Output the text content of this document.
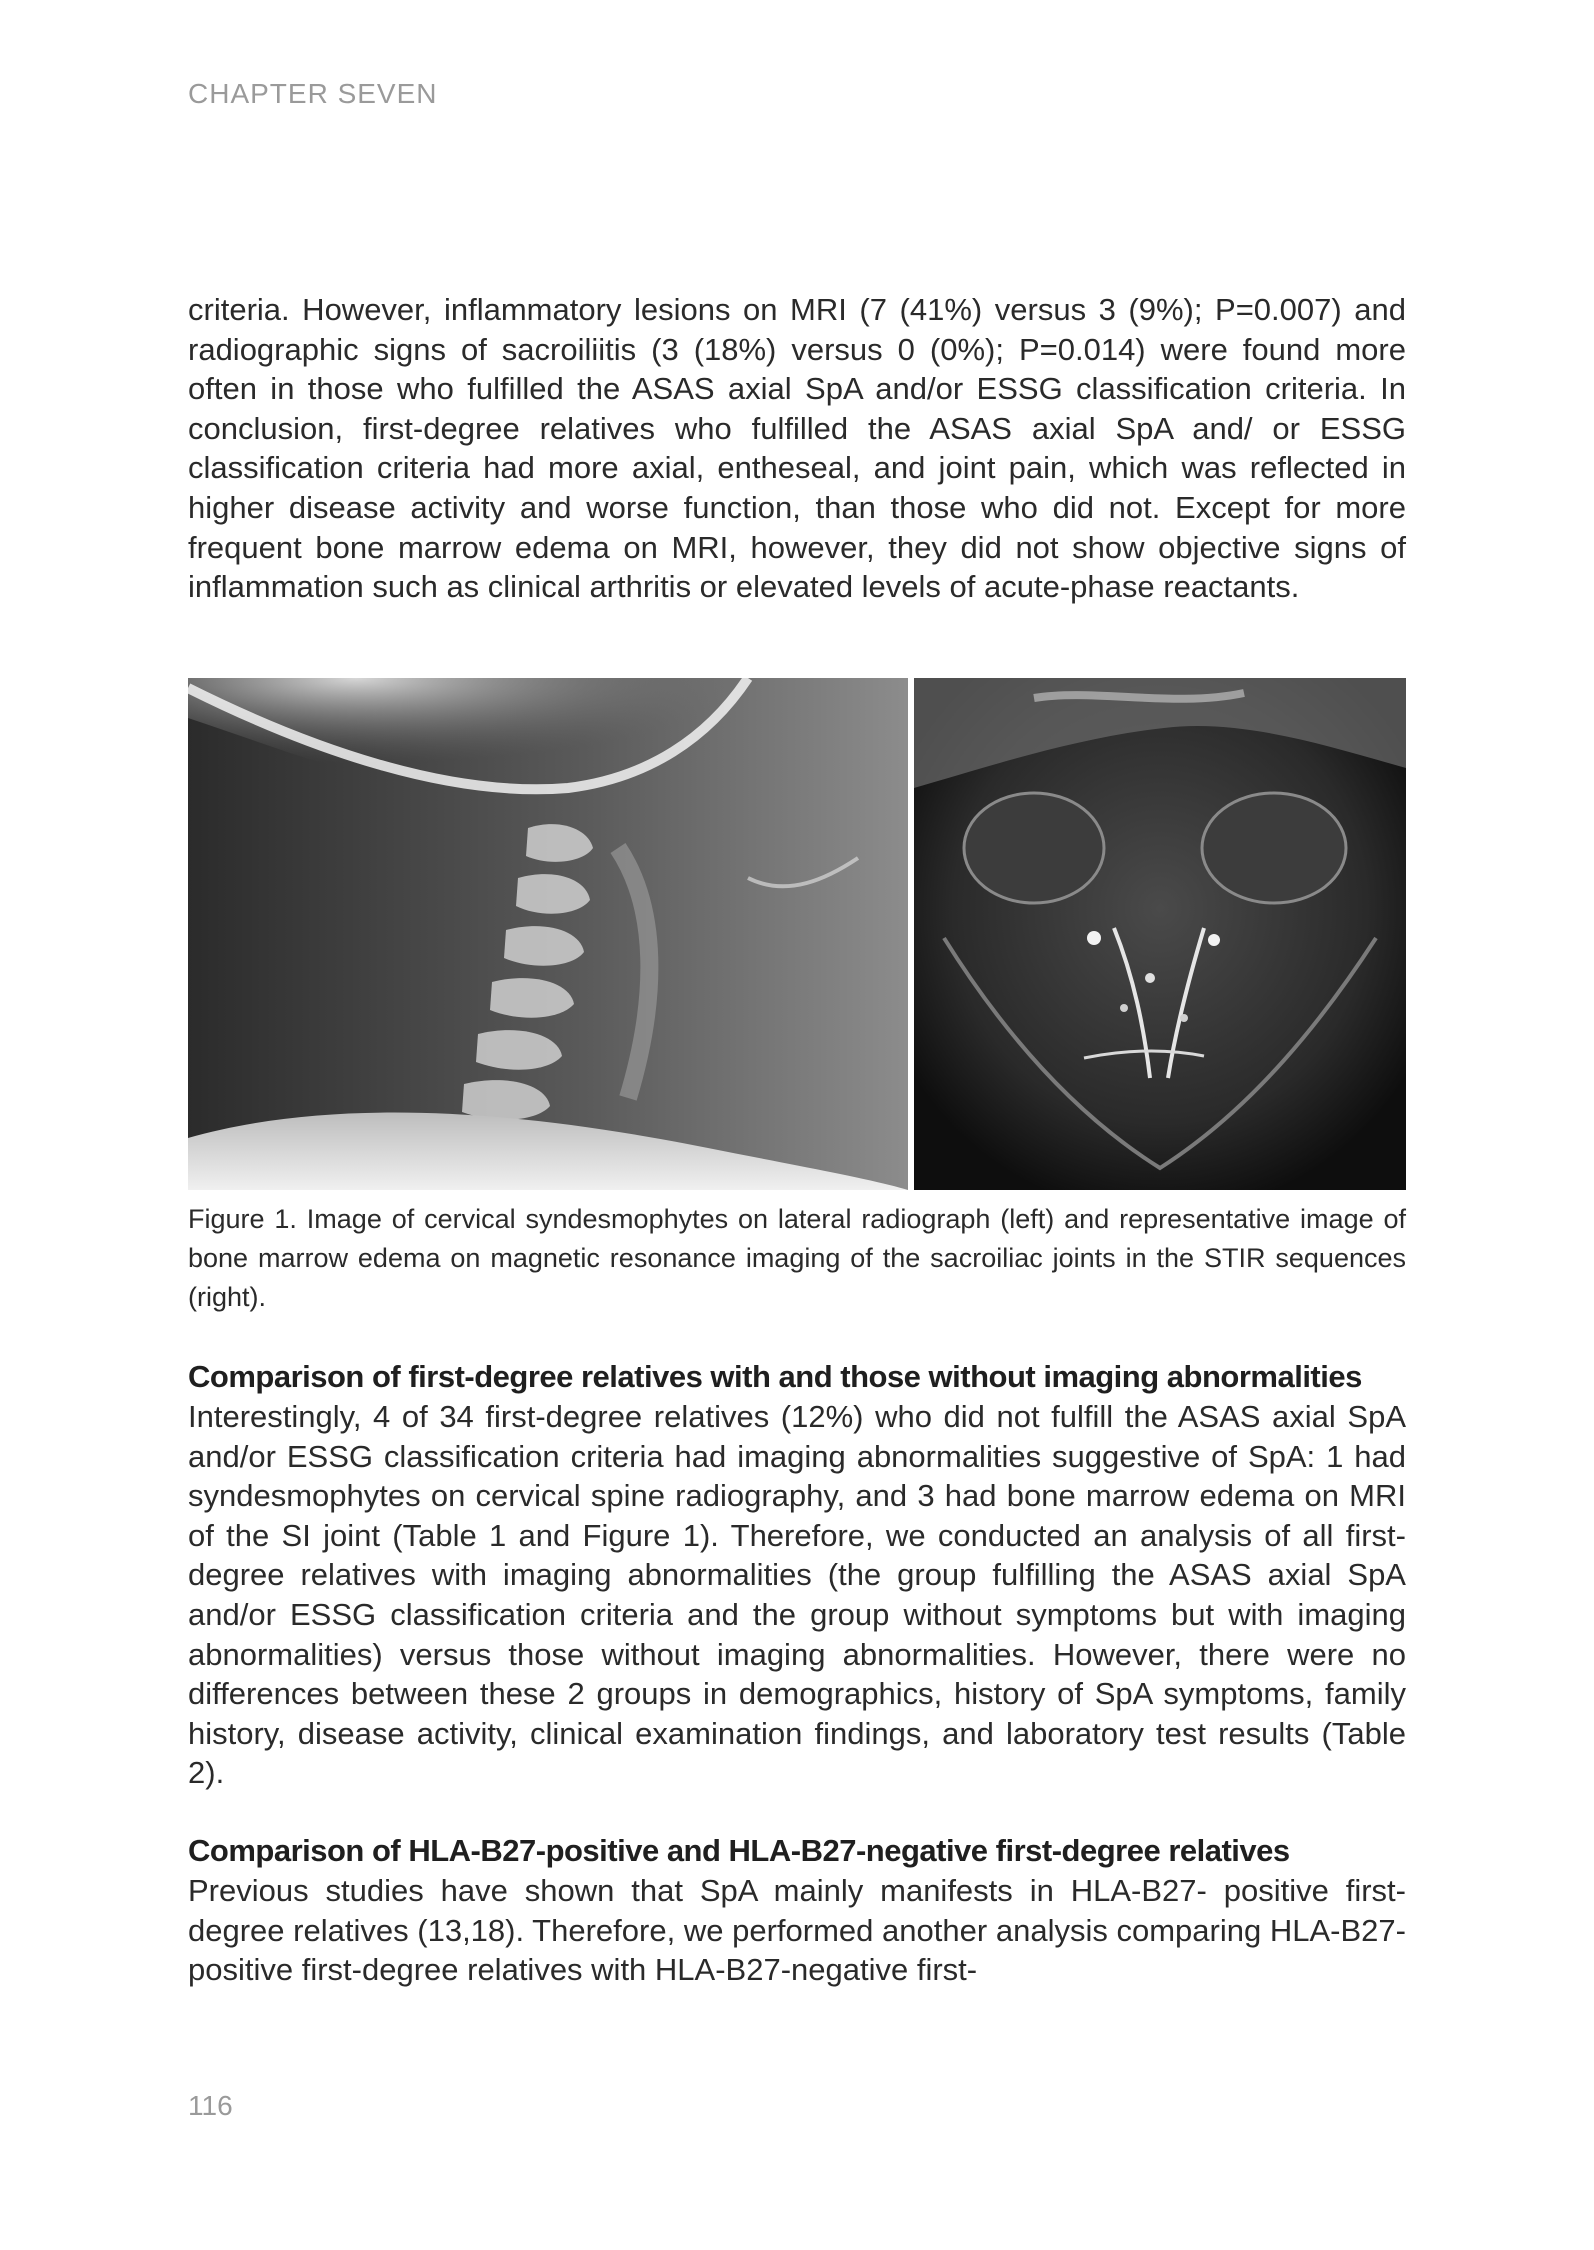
CHAPTER SEVEN

criteria. However, inflammatory lesions on MRI (7 (41%) versus 3 (9%); P=0.007) and radiographic signs of sacroiliitis (3 (18%) versus 0 (0%); P=0.014) were found more often in those who fulfilled the ASAS axial SpA and/or ESSG classification criteria. In conclusion, first-degree relatives who fulfilled the ASAS axial SpA and/ or ESSG classification criteria had more axial, entheseal, and joint pain, which was reflected in higher disease activity and worse function, than those who did not. Except for more frequent bone marrow edema on MRI, however, they did not show objective signs of inflammation such as clinical arthritis or elevated levels of acute-phase reactants.

Figure 1. Image of cervical syndesmophytes on lateral radiograph (left) and representative image of bone marrow edema on magnetic resonance imaging of the sacroiliac joints in the STIR sequences (right).

Comparison of first-degree relatives with and those without imaging abnormalities

Interestingly, 4 of 34 first-degree relatives (12%) who did not fulfill the ASAS axial SpA and/or ESSG classification criteria had imaging abnormalities suggestive of SpA: 1 had syndesmophytes on cervical spine radiography, and 3 had bone marrow edema on MRI of the SI joint (Table 1 and Figure 1). Therefore, we conducted an analysis of all first-degree relatives with imaging abnormalities (the group fulfilling the ASAS axial SpA and/or ESSG classification criteria and the group without symptoms but with imaging abnormalities) versus those without imaging abnormalities. However, there were no differences between these 2 groups in demographics, history of SpA symptoms, family history, disease activity, clinical examination findings, and laboratory test results (Table 2).

Comparison of HLA-B27-positive and HLA-B27-negative first-degree relatives

Previous studies have shown that SpA mainly manifests in HLA-B27- positive first-degree relatives (13,18). Therefore, we performed another analysis comparing HLA-B27-positive first-degree relatives with HLA-B27-negative first-

116
